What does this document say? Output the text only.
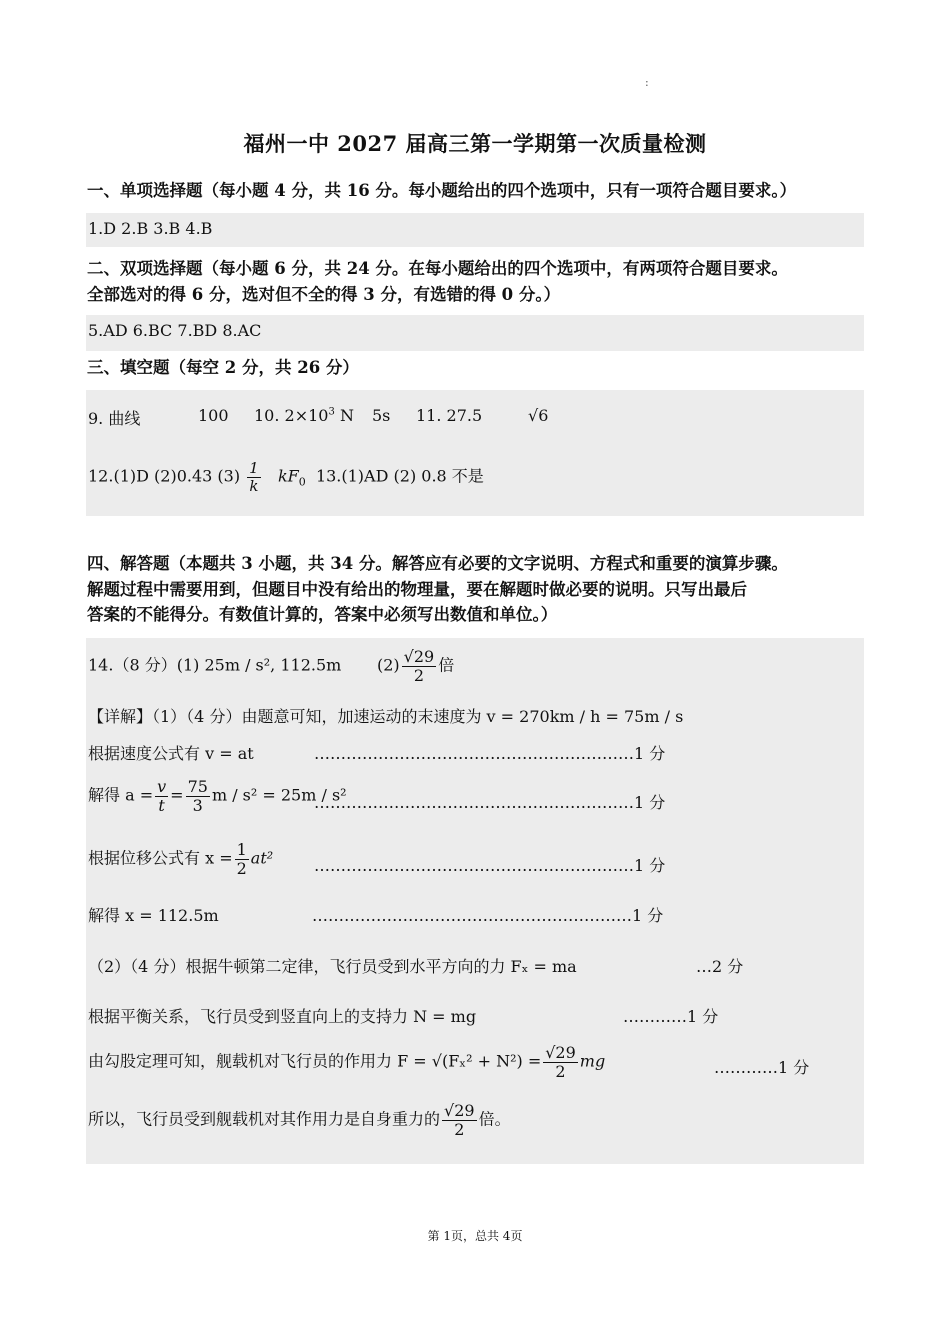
:
福州一中 2027 届高三第一学期第一次质量检测
一、单项选择题（每小题 4 分，共 16 分。每小题给出的四个选项中，只有一项符合题目要求。）
1.D 2.B 3.B 4.B
二、双项选择题（每小题 6 分，共 24 分。在每小题给出的四个选项中，有两项符合题目要求。
全部选对的得 6 分，选对但不全的得 3 分，有选错的得 0 分。）
5.AD 6.BC 7.BD 8.AC
三、填空题（每空 2 分，共 26 分）
9. 曲线	100 10. $2\times 10^3$ N 5s 11. 27.5	√6
12.(1)D (2)0.43 $(3) \frac{1}{k} kF_0$ 13.(1)AD (2) 0.8 不是
四、解答题（本题共 3 小题，共 34 分。解答应有必要的文字说明、方程式和重要的演算步骤。
解题过程中需要用到，但题目中没有给出的物理量，要在解题时做必要的说明。只写出最后
答案的不能得分。有数值计算的，答案中必须写出数值和单位。）
14.（8 分）(1) 25m / s², 112.5m $(2) \frac{√29}{2}$ 倍
【详解】（1）（4 分）由题意可知，加速运动的末速度为 v = 270km / h = 75m / s
根据速度公式有 v = at	……………………………………………………1 分
解得 $a = \frac{v}{t} = \frac{75}{3}$ m / s² = 25m / s²
……………………………………………………1 分
根据位移公式有 $x = \frac{1}{2} at^2$	……………………………………………………1 分
解得 x = 112.5m	……………………………………………………1 分
（2）（4 分）根据牛顿第二定律，飞行员受到水平方向的力 Fₓ = ma	…2 分
根据平衡关系，飞行员受到竖直向上的支持力 N = mg	…………1 分
由勾股定理可知，舰载机对飞行员的作用力 $F = √(F_x^2 + N^2) = \frac{√29}{2}$ mg	…………1 分
所以，飞行员受到舰载机对其作用力是自身重力的 $\frac{√29}{2}$ 倍。
第 1页，总共 4页
